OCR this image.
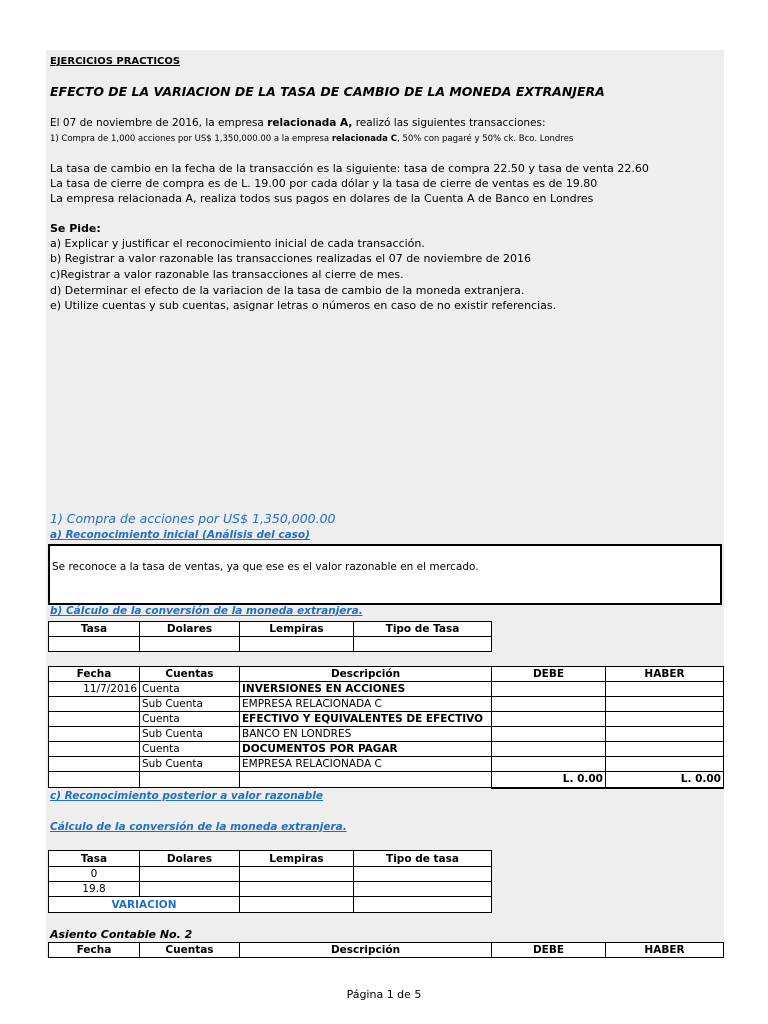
EJERCICIOS PRACTICOS
EFECTO DE LA VARIACION DE LA TASA DE CAMBIO DE LA MONEDA EXTRANJERA
El 07 de noviembre de 2016, la empresa relacionada A, realizó las siguientes transacciones:
1) Compra de 1,000 acciones por US$ 1,350,000.00 a la empresa relacionada C, 50% con pagaré y 50% ck. Bco. Londres
La tasa de cambio en la fecha de la transacción es la siguiente: tasa de compra 22.50 y tasa de venta 22.60
La tasa de cierre de compra es de L. 19.00 por cada dólar y la tasa de cierre de ventas es de 19.80
La empresa relacionada A, realiza todos sus pagos en dolares de la Cuenta A de Banco en Londres
Se Pide:
a) Explicar y justificar el reconocimiento inicial de cada transacción.
b) Registrar a valor razonable las transacciones realizadas el 07 de noviembre de 2016
c)Registrar a valor razonable las transacciones al cierre de mes.
d) Determinar el efecto de la variacion de la tasa de cambio de la moneda extranjera.
e) Utilize cuentas y sub cuentas, asignar letras o números en caso de no existir referencias.
1) Compra de acciones por US$ 1,350,000.00
a) Reconocimiento inicial (Análisis del caso)
Se reconoce a la tasa de ventas, ya que ese es el valor razonable en el mercado.
b) Cálculo de la conversión de la moneda extranjera.
Tasa	Dolares	Lempiras	Tipo de Tasa

Fecha	Cuentas	Descripción	DEBE	HABER
11/7/2016	Cuenta	INVERSIONES EN ACCIONES		
	Sub Cuenta	EMPRESA RELACIONADA C		
	Cuenta	EFECTIVO Y EQUIVALENTES DE EFECTIVO		
	Sub Cuenta	BANCO EN LONDRES		
	Cuenta	DOCUMENTOS POR PAGAR		
	Sub Cuenta	EMPRESA RELACIONADA C		
			L. 0.00	L. 0.00
c) Reconocimiento posterior a valor razonable
Cálculo de la conversión de la moneda extranjera.
Tasa	Dolares	Lempiras	Tipo de tasa
0			
19.8			
VARIACION			
Asiento Contable No. 2
Fecha	Cuentas	Descripción	DEBE	HABER
Página 1 de 5
